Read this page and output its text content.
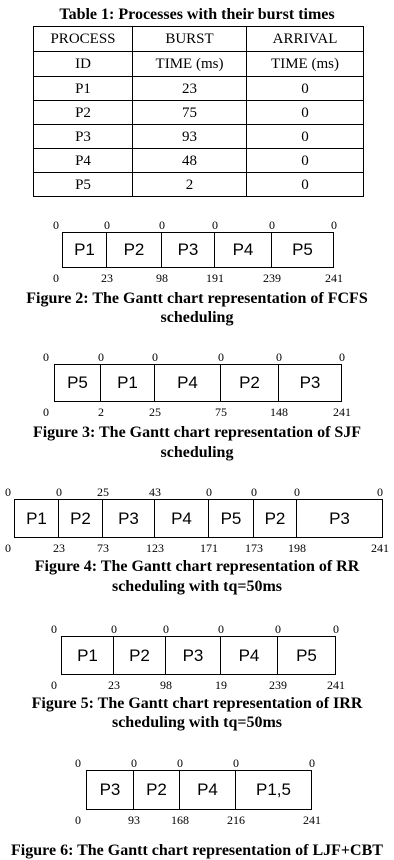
Table 1: Processes with their burst times
PROCESS	BURST	ARRIVAL
ID	TIME (ms)	TIME (ms)
P1	23	0
P2	75	0
P3	93	0
P4	48	0
P5	2	0
P1	P2	P3	P4	P5
Figure 2: The Gantt chart representation of FCFS
scheduling
P5	P1	P4	P2	P3
Figure 3: The Gantt chart representation of SJF
scheduling
P1	P2	P3	P4	P5	P2	P3
Figure 4: The Gantt chart representation of RR
scheduling with tq=50ms
P1	P2	P3	P4	P5
Figure 5: The Gantt chart representation of IRR
scheduling with tq=50ms
P3	P2	P4	P1,5
Figure 6: The Gantt chart representation of LJF+CBT
0	0	0	0	0	0
0	23	98	191	239	241
0	0	0	0	0	0
0	2	25	75	148	241
0	0	25	43	0	0	0	0
0	23	73	123	171 173 198	241
0	0	0	0	0	0
0	23	98	19	239	241
0	0	0	0	0
0	93	168	216	241
